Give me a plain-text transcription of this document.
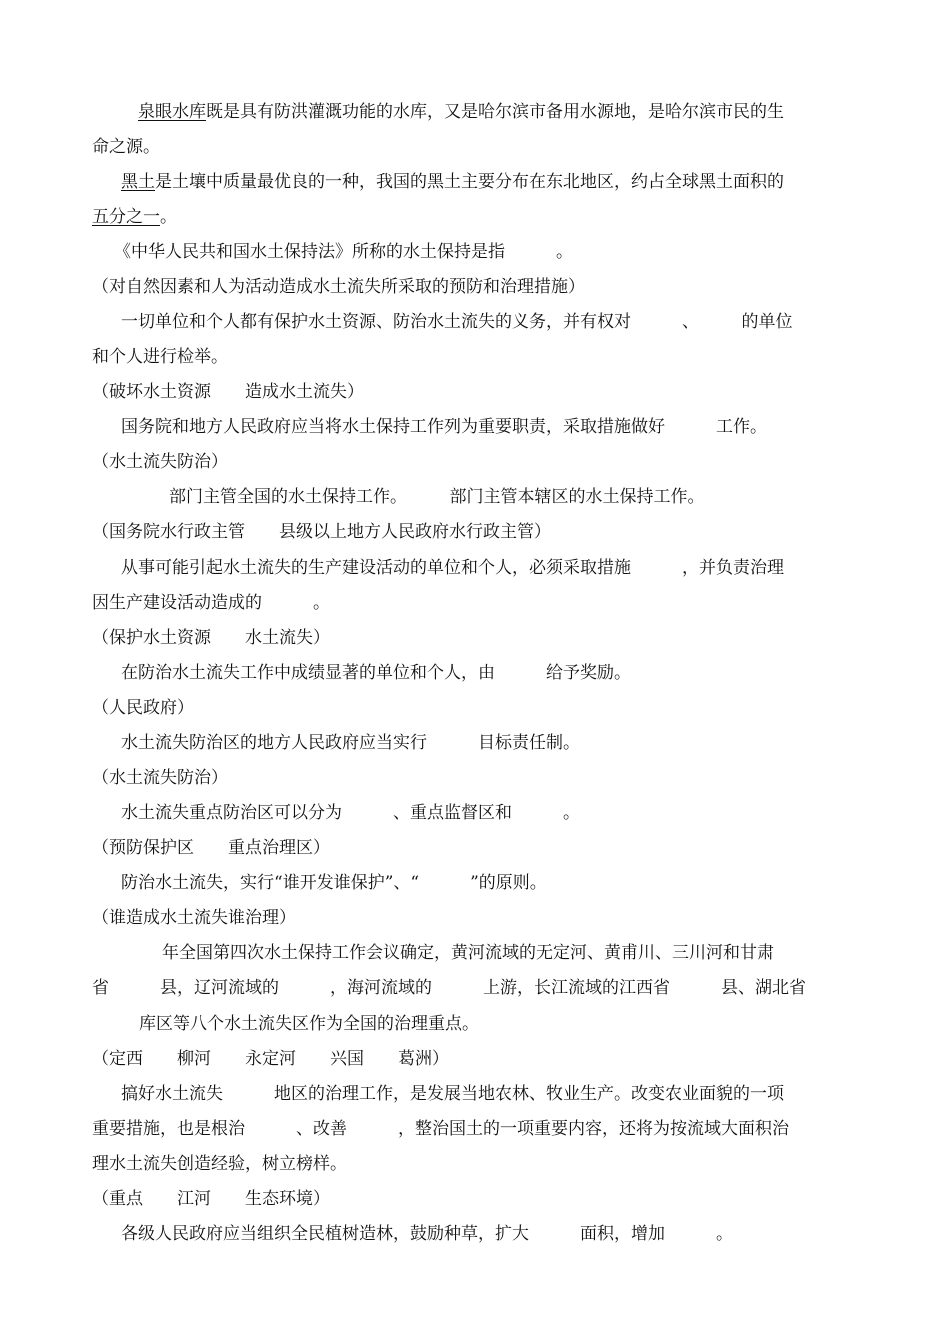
泉眼水库既是具有防洪灌溉功能的水库，又是哈尔滨市备用水源地，是哈尔滨市民的生
命之源。
黑土是土壤中质量最优良的一种，我国的黑土主要分布在东北地区，约占全球黑土面积的
五分之一。
《中华人民共和国水土保持法》所称的水土保持是指　　　。
（对自然因素和人为活动造成水土流失所采取的预防和治理措施）
一切单位和个人都有保护水土资源、防治水土流失的义务，并有权对　　　、　　　的单位
和个人进行检举。
（破坏水土资源　　造成水土流失）
国务院和地方人民政府应当将水土保持工作列为重要职责，采取措施做好　　　工作。
（水土流失防治）
部门主管全国的水土保持工作。　　　部门主管本辖区的水土保持工作。
（国务院水行政主管　　县级以上地方人民政府水行政主管）
从事可能引起水土流失的生产建设活动的单位和个人，必须采取措施　　　，并负责治理
因生产建设活动造成的　　　。
（保护水土资源　　水土流失）
在防治水土流失工作中成绩显著的单位和个人，由　　　给予奖励。
（人民政府）
水土流失防治区的地方人民政府应当实行　　　目标责任制。
（水土流失防治）
水土流失重点防治区可以分为　　　、重点监督区和　　　。
（预防保护区　　重点治理区）
防治水土流失，实行“谁开发谁保护”、“　　　”的原则。
（谁造成水土流失谁治理）
年全国第四次水土保持工作会议确定，黄河流域的无定河、黄甫川、三川河和甘肃
省　　　县，辽河流域的　　　，海河流域的　　　上游，长江流域的江西省　　　县、湖北省
库区等八个水土流失区作为全国的治理重点。
（定西　　柳河　　永定河　　兴国　　葛洲）
搞好水土流失　　　地区的治理工作，是发展当地农林、牧业生产。改变农业面貌的一项
重要措施，也是根治　　　、改善　　　，整治国土的一项重要内容，还将为按流域大面积治
理水土流失创造经验，树立榜样。
（重点　　江河　　生态环境）
各级人民政府应当组织全民植树造林，鼓励种草，扩大　　　面积，增加　　　。
